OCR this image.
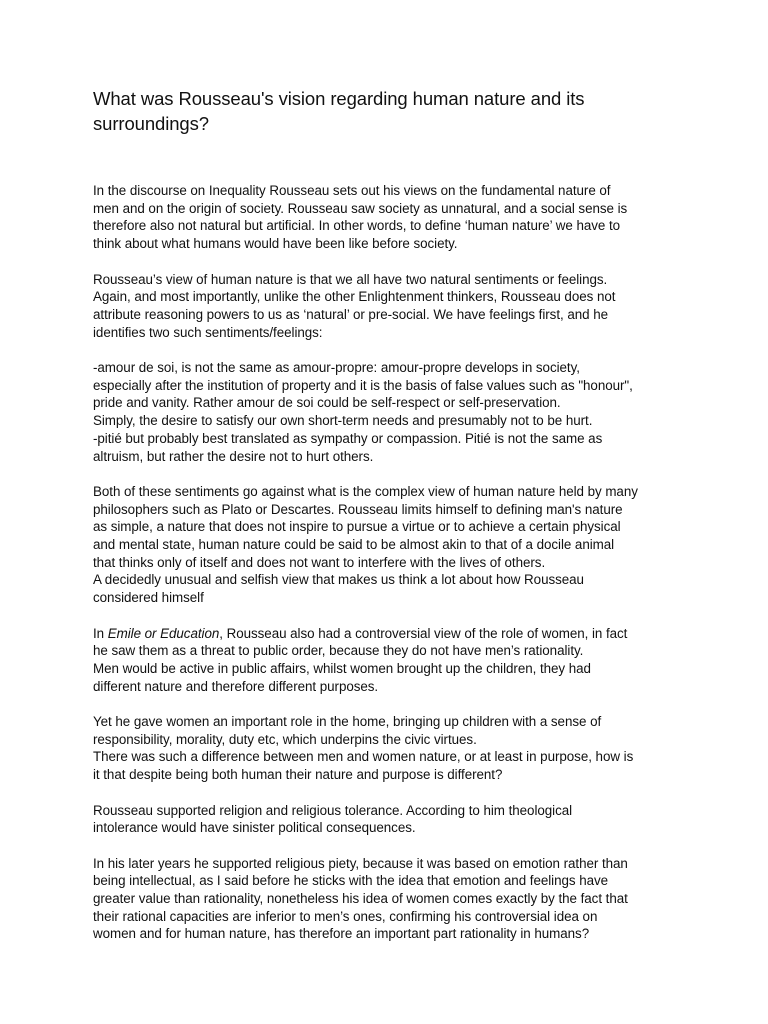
What was Rousseau's vision regarding human nature and its
surroundings?

In the discourse on Inequality Rousseau sets out his views on the fundamental nature of
men and on the origin of society. Rousseau saw society as unnatural, and a social sense is
therefore also not natural but artificial. In other words, to define ‘human nature’ we have to
think about what humans would have been like before society.

Rousseau’s view of human nature is that we all have two natural sentiments or feelings.
Again, and most importantly, unlike the other Enlightenment thinkers, Rousseau does not
attribute reasoning powers to us as ‘natural’ or pre-social. We have feelings first, and he
identifies two such sentiments/feelings:

-amour de soi, is not the same as amour-propre: amour-propre develops in society,
especially after the institution of property and it is the basis of false values such as "honour",
pride and vanity. Rather amour de soi could be self-respect or self-preservation.
Simply, the desire to satisfy our own short-term needs and presumably not to be hurt.
-pitié but probably best translated as sympathy or compassion. Pitié is not the same as
altruism, but rather the desire not to hurt others.

Both of these sentiments go against what is the complex view of human nature held by many
philosophers such as Plato or Descartes. Rousseau limits himself to defining man's nature
as simple, a nature that does not inspire to pursue a virtue or to achieve a certain physical
and mental state, human nature could be said to be almost akin to that of a docile animal
that thinks only of itself and does not want to interfere with the lives of others.
A decidedly unusual and selfish view that makes us think a lot about how Rousseau
considered himself

In Emile or Education, Rousseau also had a controversial view of the role of women, in fact
he saw them as a threat to public order, because they do not have men’s rationality.
Men would be active in public affairs, whilst women brought up the children, they had
different nature and therefore different purposes.

Yet he gave women an important role in the home, bringing up children with a sense of
responsibility, morality, duty etc, which underpins the civic virtues.
There was such a difference between men and women nature, or at least in purpose, how is
it that despite being both human their nature and purpose is different?

Rousseau supported religion and religious tolerance. According to him theological
intolerance would have sinister political consequences.

In his later years he supported religious piety, because it was based on emotion rather than
being intellectual, as I said before he sticks with the idea that emotion and feelings have
greater value than rationality, nonetheless his idea of women comes exactly by the fact that
their rational capacities are inferior to men’s ones, confirming his controversial idea on
women and for human nature, has therefore an important part rationality in humans?
